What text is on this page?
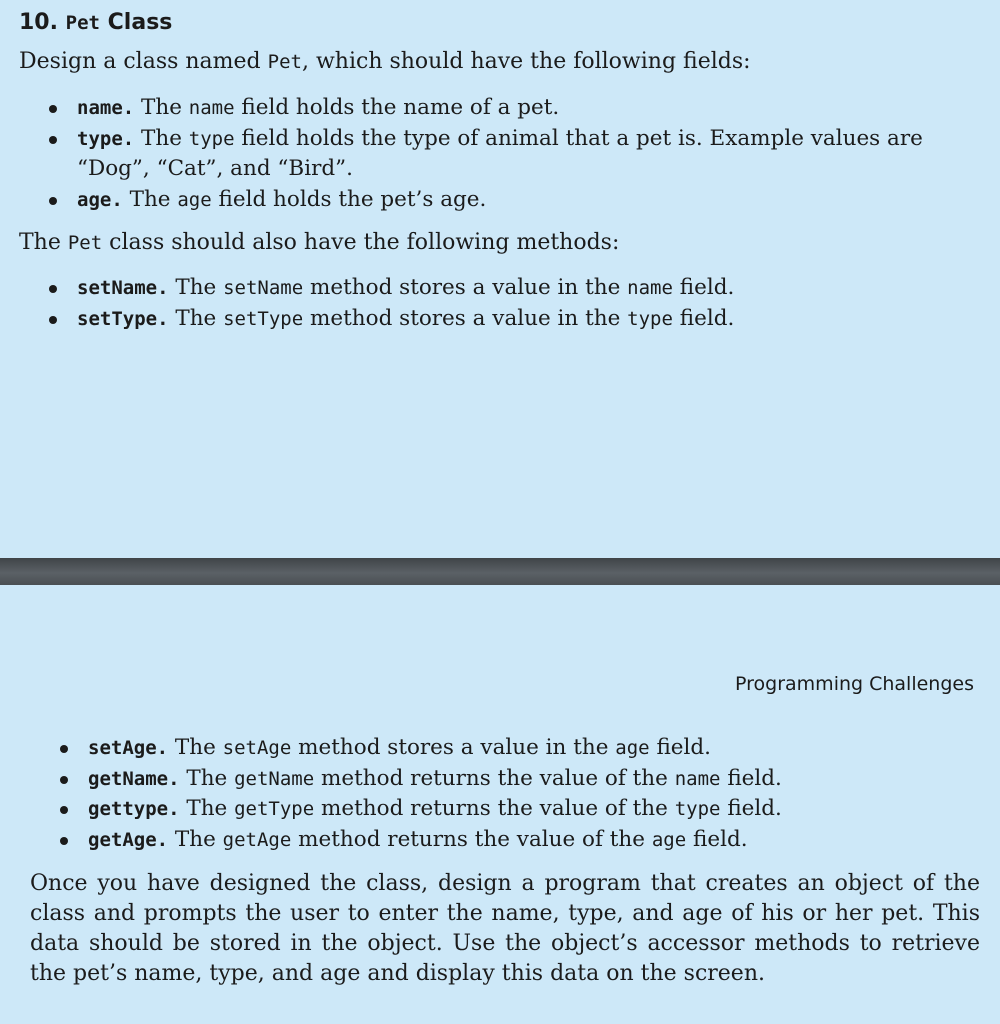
10. Pet Class

Design a class named Pet, which should have the following fields:

name. The name field holds the name of a pet.
type. The type field holds the type of animal that a pet is. Example values are “Dog”, “Cat”, and “Bird”.
age. The age field holds the pet’s age.

The Pet class should also have the following methods:

setName. The setName method stores a value in the name field.
setType. The setType method stores a value in the type field.

Programming Challenges

setAge. The setAge method stores a value in the age field.
getName. The getName method returns the value of the name field.
gettype. The getType method returns the value of the type field.
getAge. The getAge method returns the value of the age field.

Once you have designed the class, design a program that creates an object of the class and prompts the user to enter the name, type, and age of his or her pet. This data should be stored in the object. Use the object’s accessor methods to retrieve the pet’s name, type, and age and display this data on the screen.
